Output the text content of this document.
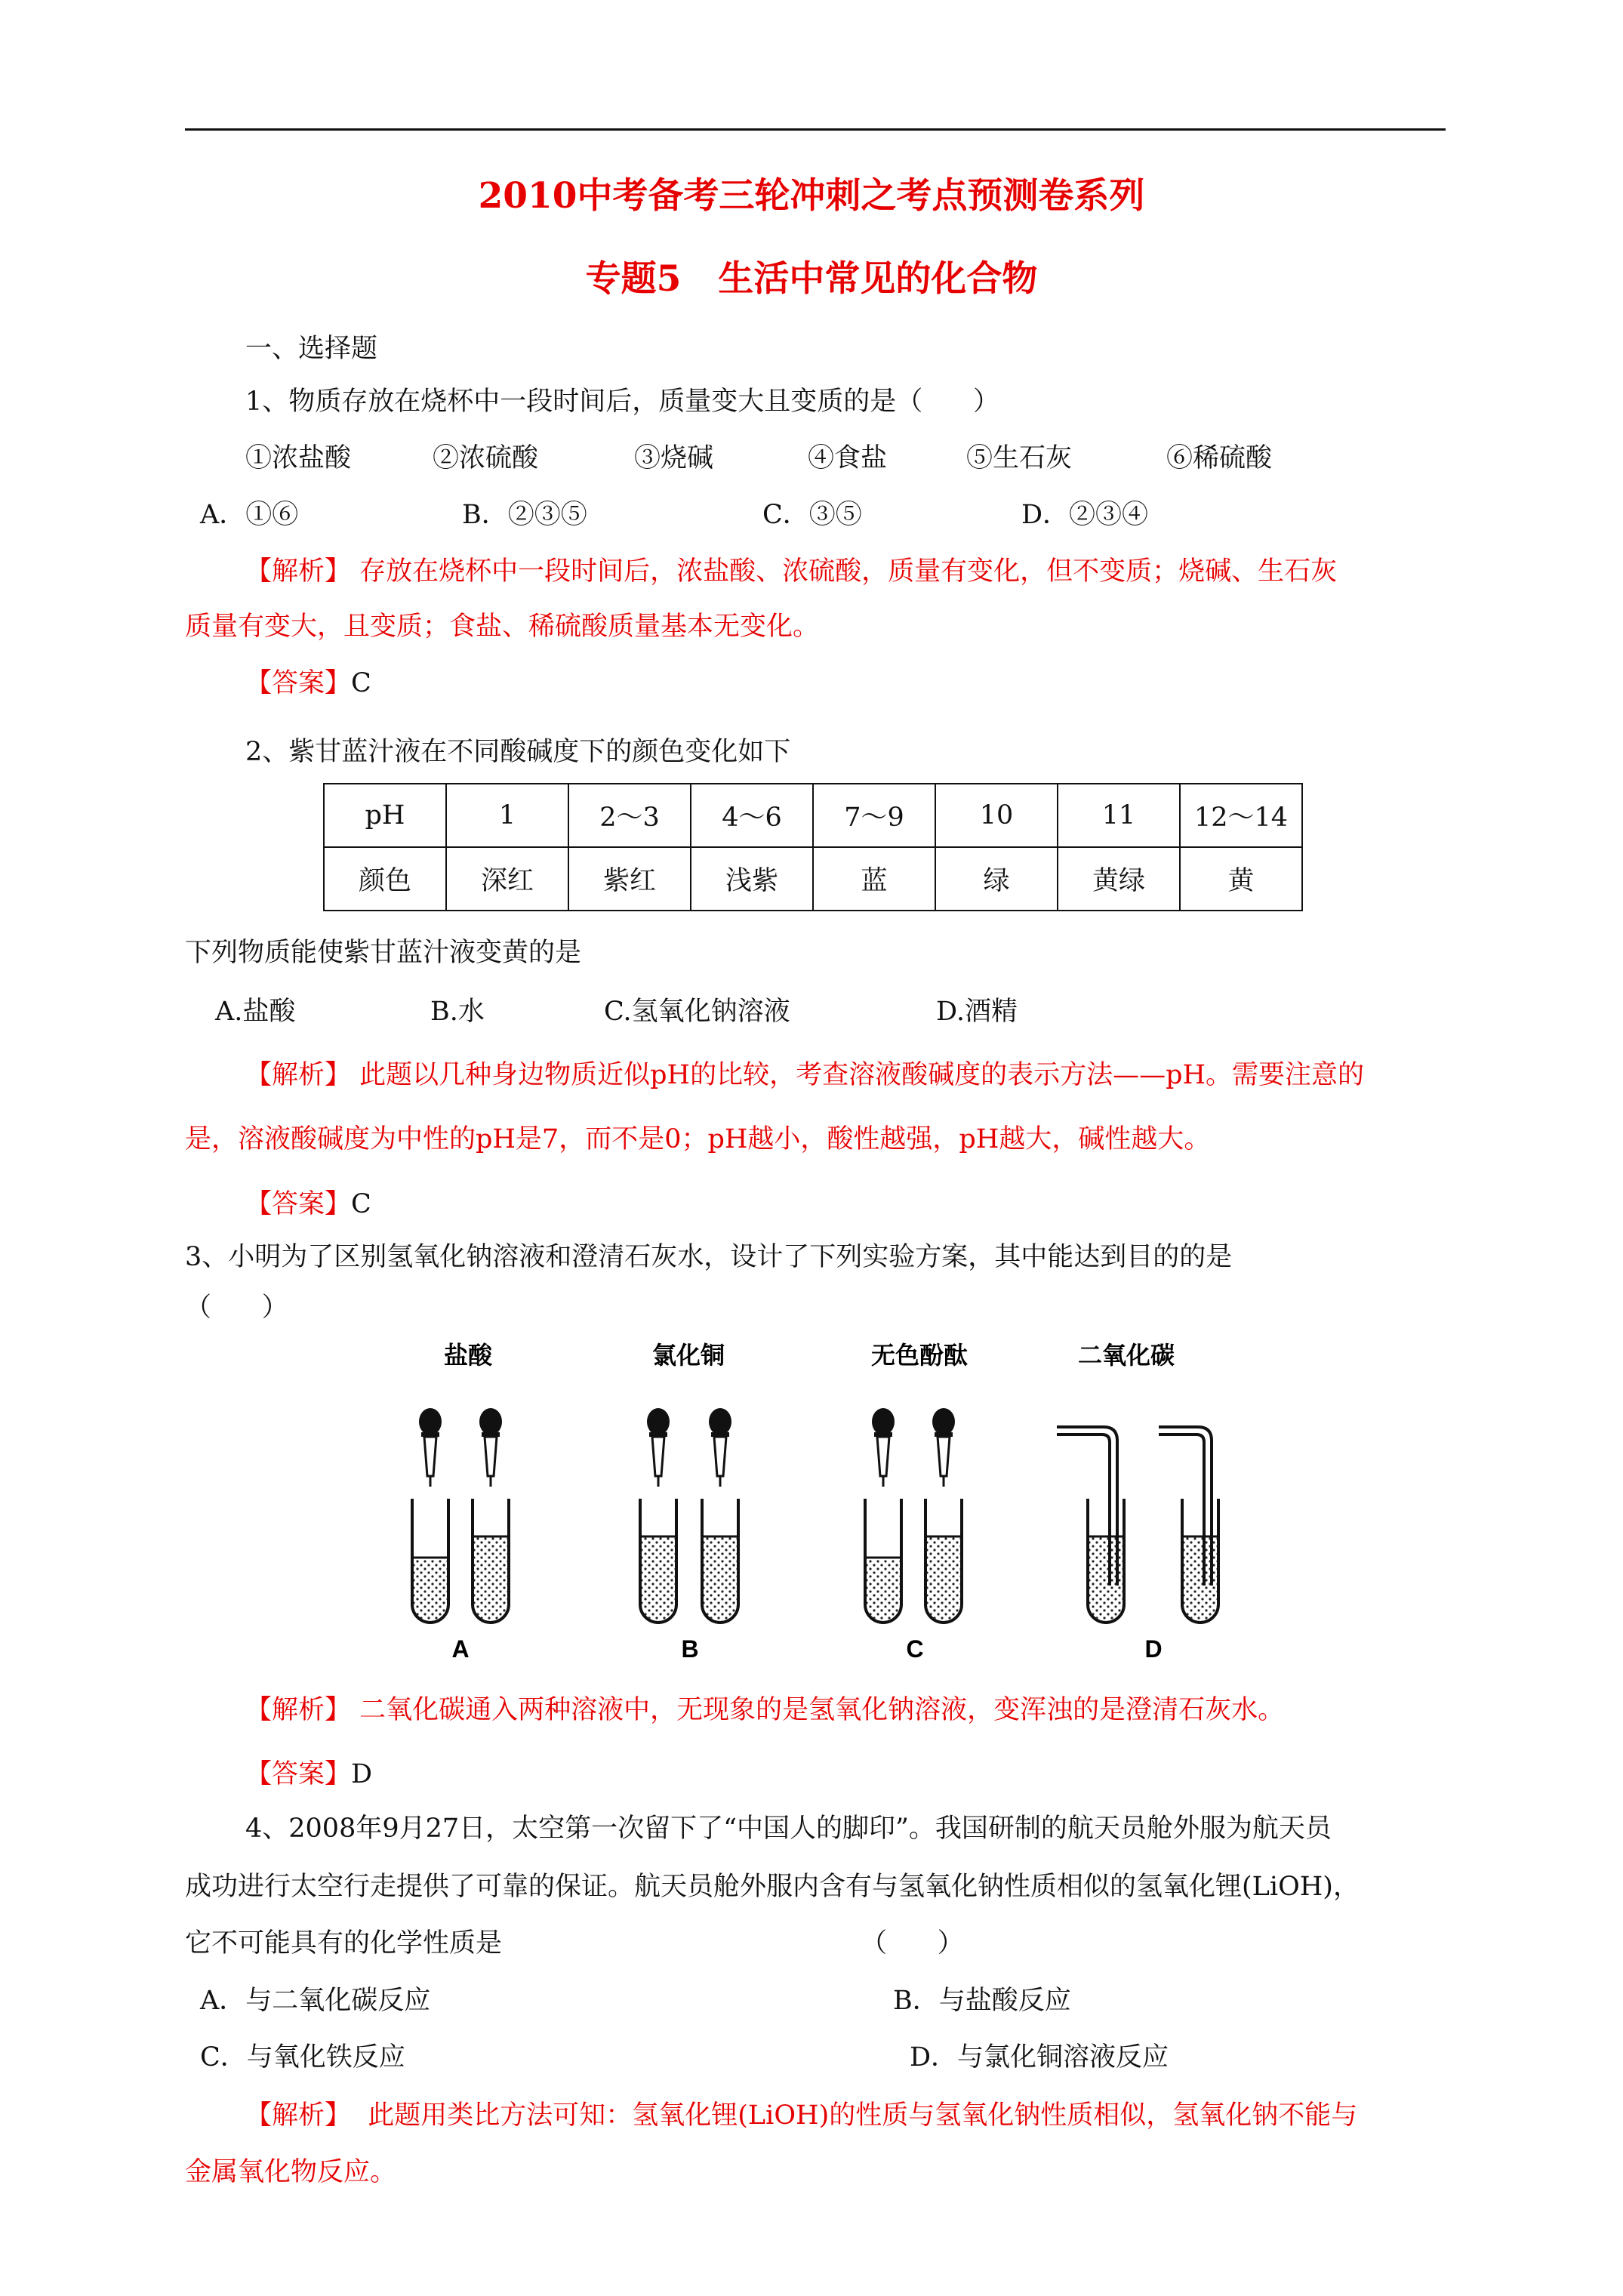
2010中考备考三轮冲刺之考点预测卷系列
专题5   生活中常见的化合物
一、选择题
1、物质存放在烧杯中一段时间后，质量变大且变质的是（      ）
①浓盐酸	②浓硫酸	③烧碱	④食盐	⑤生石灰	⑥稀硫酸
A．①⑥	B．②③⑤	C．③⑤	D．②③④
【解析】 存放在烧杯中一段时间后，浓盐酸、浓硫酸，质量有变化，但不变质；烧碱、生石灰
质量有变大，且变质；食盐、稀硫酸质量基本无变化。
【答案】C
2、紫甘蓝汁液在不同酸碱度下的颜色变化如下
pH	1	2～3	4～6	7～9	10	11	12～14
颜色	深红	紫红	浅紫	蓝	绿	黄绿	黄
下列物质能使紫甘蓝汁液变黄的是
A.盐酸	B.水	C.氢氧化钠溶液	D.酒精
【解析】 此题以几种身边物质近似pH的比较，考查溶液酸碱度的表示方法——pH。需要注意的
是，溶液酸碱度为中性的pH是7，而不是0；pH越小，酸性越强，pH越大，碱性越大。
【答案】C
3、小明为了区别氢氧化钠溶液和澄清石灰水，设计了下列实验方案，其中能达到目的的是
（      ）
盐酸	氯化铜	无色酚酞	二氧化碳
A	B	C	D
【解析】 二氧化碳通入两种溶液中，无现象的是氢氧化钠溶液，变浑浊的是澄清石灰水。
【答案】D
4、2008年9月27日，太空第一次留下了“中国人的脚印”。我国研制的航天员舱外服为航天员
成功进行太空行走提供了可靠的保证。航天员舱外服内含有与氢氧化钠性质相似的氢氧化锂(LiOH)，
它不可能具有的化学性质是	（      ）
A．与二氧化碳反应	B．与盐酸反应
C．与氧化铁反应	D．与氯化铜溶液反应
【解析】  此题用类比方法可知：氢氧化锂(LiOH)的性质与氢氧化钠性质相似，氢氧化钠不能与
金属氧化物反应。
